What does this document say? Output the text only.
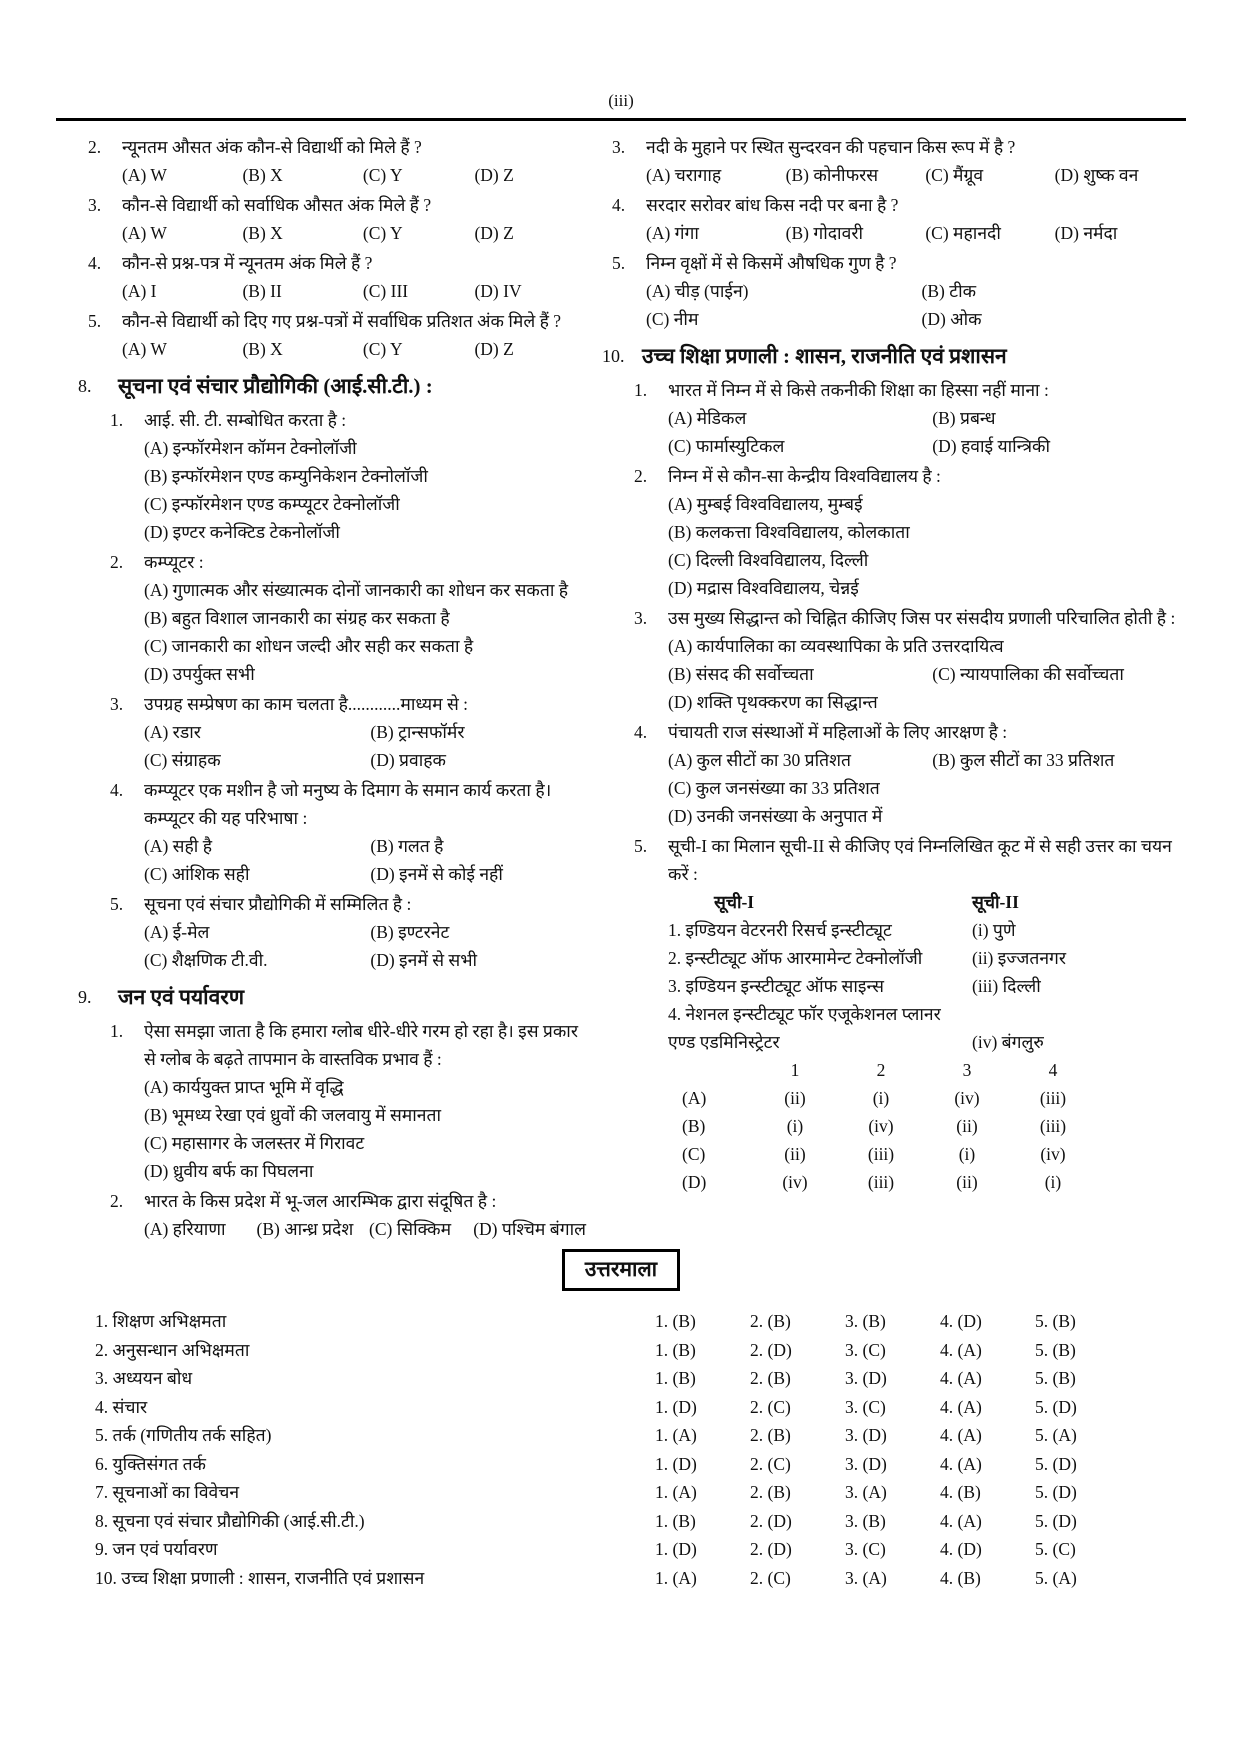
(iii)
2.	न्यूनतम औसत अंक कौन-से विद्यार्थी को मिले हैं ?
(A) W	(B) X	(C) Y	(D) Z
3.	कौन-से विद्यार्थी को सर्वाधिक औसत अंक मिले हैं ?
(A) W	(B) X	(C) Y	(D) Z
4.	कौन-से प्रश्न-पत्र में न्यूनतम अंक मिले हैं ?
(A) I	(B) II	(C) III	(D) IV
5.	कौन-से विद्यार्थी को दिए गए प्रश्न-पत्रों में सर्वाधिक प्रतिशत अंक मिले हैं ?
(A) W	(B) X	(C) Y	(D) Z
8.	सूचना एवं संचार प्रौद्योगिकी (आई.सी.टी.) :
1.	आई. सी. टी. सम्बोधित करता है :
(A) इन्फॉरमेशन कॉमन टेक्नोलॉजी
(B) इन्फॉरमेशन एण्ड कम्युनिकेशन टेक्नोलॉजी
(C) इन्फॉरमेशन एण्ड कम्प्यूटर टेक्नोलॉजी
(D) इण्टर कनेक्टिड टेकनोलॉजी
2.	कम्प्यूटर :
(A) गुणात्मक और संख्यात्मक दोनों जानकारी का शोधन कर सकता है
(B) बहुत विशाल जानकारी का संग्रह कर सकता है
(C) जानकारी का शोधन जल्दी और सही कर सकता है
(D) उपर्युक्त सभी
3.	उपग्रह सम्प्रेषण का काम चलता है............माध्यम से :
(A) रडार	(B) ट्रान्सफॉर्मर
(C) संग्राहक	(D) प्रवाहक
4.	कम्प्यूटर एक मशीन है जो मनुष्य के दिमाग के समान कार्य करता है। कम्प्यूटर की यह परिभाषा :
(A) सही है	(B) गलत है
(C) आंशिक सही	(D) इनमें से कोई नहीं
5.	सूचना एवं संचार प्रौद्योगिकी में सम्मिलित है :
(A) ई-मेल	(B) इण्टरनेट
(C) शैक्षणिक टी.वी.	(D) इनमें से सभी
9.	जन एवं पर्यावरण
1.	ऐसा समझा जाता है कि हमारा ग्लोब धीरे-धीरे गरम हो रहा है। इस प्रकार से ग्लोब के बढ़ते तापमान के वास्तविक प्रभाव हैं :
(A) कार्ययुक्त प्राप्त भूमि में वृद्धि
(B) भूमध्य रेखा एवं ध्रुवों की जलवायु में समानता
(C) महासागर के जलस्तर में गिरावट
(D) ध्रुवीय बर्फ का पिघलना
2.	भारत के किस प्रदेश में भू-जल आरम्भिक द्वारा संदूषित है :
(A) हरियाणा	(B) आन्ध्र प्रदेश (C) सिक्किम	(D) पश्चिम बंगाल
3.	नदी के मुहाने पर स्थित सुन्दरवन की पहचान किस रूप में है ?
(A) चरागाह	(B) कोनीफरस	(C) मैंग्रूव	(D) शुष्क वन
4.	सरदार सरोवर बांध किस नदी पर बना है ?
(A) गंगा	(B) गोदावरी	(C) महानदी	(D) नर्मदा
5.	निम्न वृक्षों में से किसमें औषधिक गुण है ?
(A) चीड़ (पाईन)	(B) टीक
(C) नीम	(D) ओक
10. उच्च शिक्षा प्रणाली : शासन, राजनीति एवं प्रशासन
1.	भारत में निम्न में से किसे तकनीकी शिक्षा का हिस्सा नहीं माना :
(A) मेडिकल	(B) प्रबन्ध
(C) फार्मास्युटिकल	(D) हवाई यान्त्रिकी
2.	निम्न में से कौन-सा केन्द्रीय विश्वविद्यालय है :
(A) मुम्बई विश्वविद्यालय, मुम्बई
(B) कलकत्ता विश्वविद्यालय, कोलकाता
(C) दिल्ली विश्वविद्यालय, दिल्ली
(D) मद्रास विश्वविद्यालय, चेन्नई
3.	उस मुख्य सिद्धान्त को चिह्नित कीजिए जिस पर संसदीय प्रणाली परिचालित होती है :
(A) कार्यपालिका का व्यवस्थापिका के प्रति उत्तरदायित्व
(B) संसद की सर्वोच्चता	(C) न्यायपालिका की सर्वोच्चता
(D) शक्ति पृथक्करण का सिद्धान्त
4.	पंचायती राज संस्थाओं में महिलाओं के लिए आरक्षण है :
(A) कुल सीटों का 30 प्रतिशत	(B) कुल सीटों का 33 प्रतिशत
(C) कुल जनसंख्या का 33 प्रतिशत
(D) उनकी जनसंख्या के अनुपात में
5.	सूची-I का मिलान सूची-II से कीजिए एवं निम्नलिखित कूट में से सही उत्तर का चयन करें :
सूची-I	सूची-II
1. इण्डियन वेटरनरी रिसर्च इन्स्टीट्यूट	(i) पुणे
2. इन्स्टीट्यूट ऑफ आरमामेन्ट टेक्नोलॉजी	(ii) इज्जतनगर
3. इण्डियन इन्स्टीट्यूट ऑफ साइन्स	(iii) दिल्ली
4. नेशनल इन्स्टीट्यूट फॉर एजूकेशनल प्लानर एण्ड एडमिनिस्ट्रेटर	(iv) बंगलुरु
1	2	3	4
(A)	(ii)	(i)	(iv)	(iii)
(B)	(i)	(iv)	(ii)	(iii)
(C)	(ii)	(iii)	(i)	(iv)
(D)	(iv)	(iii)	(ii)	(i)
उत्तरमाला
1. शिक्षण अभिक्षमता	1. (B)	2. (B)	3. (B)	4. (D)	5. (B)
2. अनुसन्धान अभिक्षमता	1. (B)	2. (D)	3. (C)	4. (A)	5. (B)
3. अध्ययन बोध	1. (B)	2. (B)	3. (D)	4. (A)	5. (B)
4. संचार	1. (D)	2. (C)	3. (C)	4. (A)	5. (D)
5. तर्क (गणितीय तर्क सहित)	1. (A)	2. (B)	3. (D)	4. (A)	5. (A)
6. युक्तिसंगत तर्क	1. (D)	2. (C)	3. (D)	4. (A)	5. (D)
7. सूचनाओं का विवेचन	1. (A)	2. (B)	3. (A)	4. (B)	5. (D)
8. सूचना एवं संचार प्रौद्योगिकी (आई.सी.टी.)	1. (B)	2. (D)	3. (B)	4. (A)	5. (D)
9. जन एवं पर्यावरण	1. (D)	2. (D)	3. (C)	4. (D)	5. (C)
10. उच्च शिक्षा प्रणाली : शासन, राजनीति एवं प्रशासन	1. (A)	2. (C)	3. (A)	4. (B)	5. (A)
